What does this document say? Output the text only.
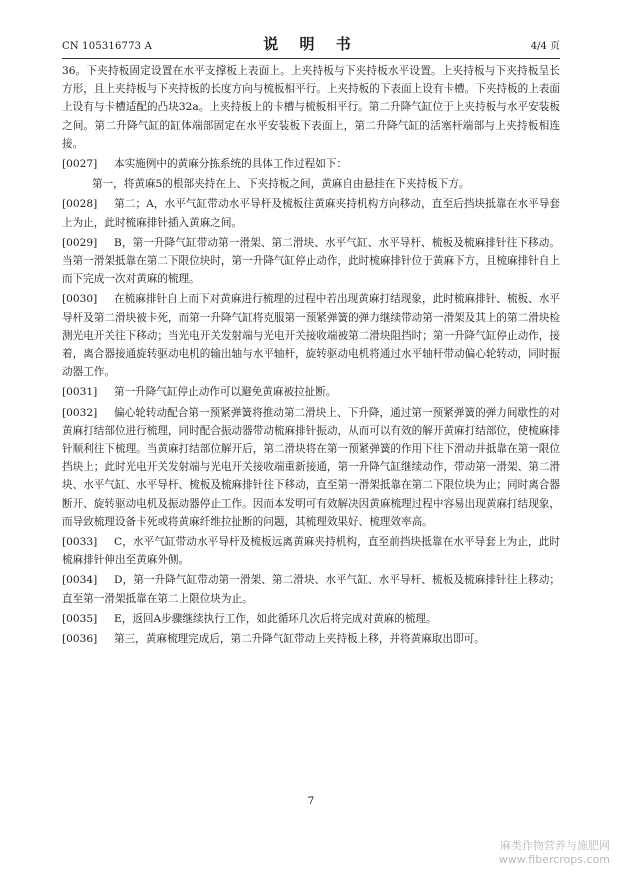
CN 105316773 A	说 明 书	4/4 页
36。下夹持板固定设置在水平支撑板上表面上。上夹持板与下夹持板水平设置。上夹持板与下夹持板呈长方形，且上夹持板与下夹持板的长度方向与梳板相平行。上夹持板的下表面上设有卡槽。下夹持板的上表面上设有与卡槽适配的凸块32a。上夹持板上的卡槽与梳板相平行。第二升降气缸位于上夹持板与水平安装板之间。第二升降气缸的缸体端部固定在水平安装板下表面上，第二升降气缸的活塞杆端部与上夹持板相连接。
[0027] 本实施例中的黄麻分拣系统的具体工作过程如下：
第一，将黄麻5的根部夹持在上、下夹持板之间，黄麻自由悬挂在下夹持板下方。
[0028] 第二；A，水平气缸带动水平导杆及梳板往黄麻夹持机构方向移动，直至后挡块抵靠在水平导套上为止，此时梳麻排针插入黄麻之间。
[0029] B，第一升降气缸带动第一滑架、第二滑块、水平气缸、水平导杆、梳板及梳麻排针往下移动。当第一滑架抵靠在第二下限位块时，第一升降气缸停止动作，此时梳麻排针位于黄麻下方，且梳麻排针自上而下完成一次对黄麻的梳理。
[0030] 在梳麻排针自上而下对黄麻进行梳理的过程中若出现黄麻打结现象，此时梳麻排针、梳板、水平导杆及第二滑块被卡死，而第一升降气缸将克服第一预紧弹簧的弹力继续带动第一滑架及其上的第二滑块检测光电开关往下移动；当光电开关发射端与光电开关接收端被第二滑块阻挡时；第一升降气缸停止动作，接着，离合器接通旋转驱动电机的输出轴与水平轴杆，旋转驱动电机将通过水平轴杆带动偏心轮转动，同时振动器工作。
[0031] 第一升降气缸停止动作可以避免黄麻被拉扯断。
[0032] 偏心轮转动配合第一预紧弹簧将推动第二滑块上、下升降，通过第一预紧弹簧的弹力间歇性的对黄麻打结部位进行梳理，同时配合振动器带动梳麻排针振动，从而可以有效的解开黄麻打结部位，使梳麻排针顺利往下梳理。当黄麻打结部位解开后，第二滑块将在第一预紧弹簧的作用下往下滑动并抵靠在第一限位挡块上；此时光电开关发射端与光电开关接收端重新接通，第一升降气缸继续动作，带动第一滑架、第二滑块、水平气缸、水平导杆、梳板及梳麻排针往下移动，直至第一滑架抵靠在第二下限位块为止；同时离合器断开、旋转驱动电机及振动器停止工作。因而本发明可有效解决因黄麻梳理过程中容易出现黄麻打结现象，而导致梳理设备卡死或将黄麻纤维拉扯断的问题，其梳理效果好、梳理效率高。
[0033] C，水平气缸带动水平导杆及梳板远离黄麻夹持机构，直至前挡块抵靠在水平导套上为止，此时梳麻排针伸出至黄麻外侧。
[0034] D，第一升降气缸带动第一滑架、第二滑块、水平气缸、水平导杆、梳板及梳麻排针往上移动；直至第一滑架抵靠在第二上限位块为止。
[0035] E，返回A步骤继续执行工作，如此循环几次后将完成对黄麻的梳理。
[0036] 第三，黄麻梳理完成后，第二升降气缸带动上夹持板上移，并将黄麻取出即可。
7
麻类作物营养与施肥网
www.fibercrops.com
